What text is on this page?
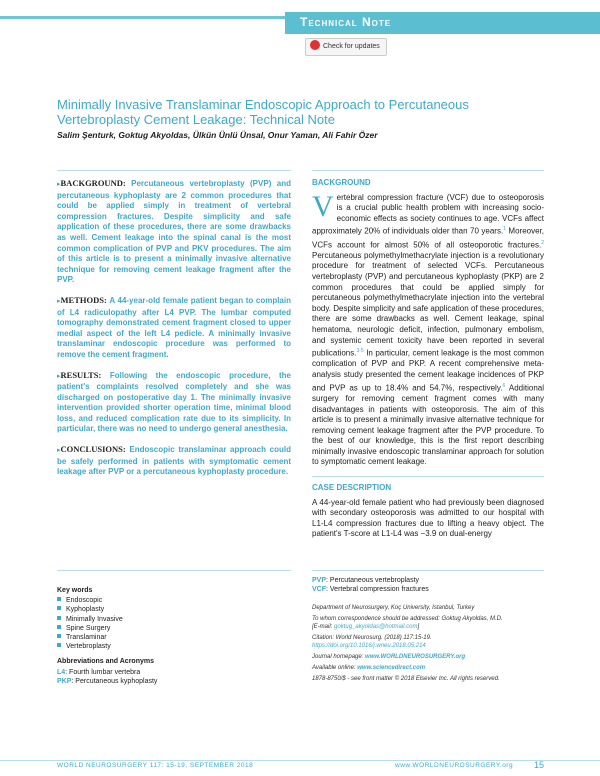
Technical Note
Check for updates
Minimally Invasive Translaminar Endoscopic Approach to Percutaneous Vertebroplasty Cement Leakage: Technical Note
Salim Şenturk, Goktug Akyoldas, Ülkün Ünlü Ünsal, Onur Yaman, Ali Fahir Özer

▸BACKGROUND: Percutaneous vertebroplasty (PVP) and percutaneous kyphoplasty are 2 common procedures that could be applied simply in treatment of vertebral compression fractures. Despite simplicity and safe application of these procedures, there are some drawbacks as well. Cement leakage into the spinal canal is the most common complication of PVP and PKV procedures. The aim of this article is to present a minimally invasive alternative technique for removing cement leakage fragment after the PVP.

▸METHODS: A 44-year-old female patient began to complain of L4 radiculopathy after L4 PVP. The lumbar computed tomography demonstrated cement fragment closed to upper medial aspect of the left L4 pedicle. A minimally invasive translaminar endoscopic procedure was performed to remove the cement fragment.

▸RESULTS: Following the endoscopic procedure, the patient's complaints resolved completely and she was discharged on postoperative day 1. The minimally invasive intervention provided shorter operation time, minimal blood loss, and reduced complication rate due to its simplicity. In particular, there was no need to undergo general anesthesia.

▸CONCLUSIONS: Endoscopic translaminar approach could be safely performed in patients with symptomatic cement leakage after PVP or a percutaneous kyphoplasty procedure.

BACKGROUND

Vertebral compression fracture (VCF) due to osteoporosis is a crucial public health problem with increasing socio-economic effects as society continues to age. VCFs affect approximately 20% of individuals older than 70 years.$^1$ Moreover, VCFs account for almost 50% of all osteoporotic fractures.$^2$ Percutaneous polymethylmethacrylate injection is a revolutionary procedure for treatment of selected VCFs. Percutaneous vertebroplasty (PVP) and percutaneous kyphoplasty (PKP) are 2 common procedures that could be applied simply for percutaneous polymethylmethacrylate injection into the vertebral body. Despite simplicity and safe application of these procedures, there are some drawbacks as well. Cement leakage, spinal hematoma, neurologic deficit, infection, pulmonary embolism, and systemic cement toxicity have been reported in several publications.$^{3-5}$ In particular, cement leakage is the most common complication of PVP and PKP. A recent comprehensive meta-analysis study presented the cement leakage incidences of PKP and PVP as up to 18.4% and 54.7%, respectively.$^6$ Additional surgery for removing cement fragment comes with many disadvantages in patients with osteoporosis. The aim of this article is to present a minimally invasive alternative technique for removing cement leakage fragment after the PVP procedure. To the best of our knowledge, this is the first report describing minimally invasive endoscopic translaminar approach for solution to symptomatic cement leakage.

CASE DESCRIPTION

A 44-year-old female patient who had previously been diagnosed with secondary osteoporosis was admitted to our hospital with L1-L4 compression fractures due to lifting a heavy object. The patient's T-score at L1-L4 was −3.9 on dual-energy

Key words
Endoscopic
Kyphoplasty
Minimally Invasive
Spine Surgery
Translaminar
Vertebroplasty
Abbreviations and Acronyms
L4: Fourth lumbar vertebra
PKP: Percutaneous kyphoplasty
PVP: Percutaneous vertebroplasty
VCF: Vertebral compression fractures

Department of Neurosurgery, Koç University, Istanbul, Turkey

To whom correspondence should be addressed: Goktug Akyoldas, M.D.
[E-mail: goktug_akyoldas@hotmail.com]

Citation: World Neurosurg. (2018) 117:15-19.
https://doi.org/10.1016/j.wneu.2018.05.214

Journal homepage: www.WORLDNEUROSURGERY.org

Available online: www.sciencedirect.com

1878-8750/$ - see front matter © 2018 Elsevier Inc. All rights reserved.

WORLD NEUROSURGERY 117: 15-19, SEPTEMBER 2018	www.WORLDNEUROSURGERY.org 15
